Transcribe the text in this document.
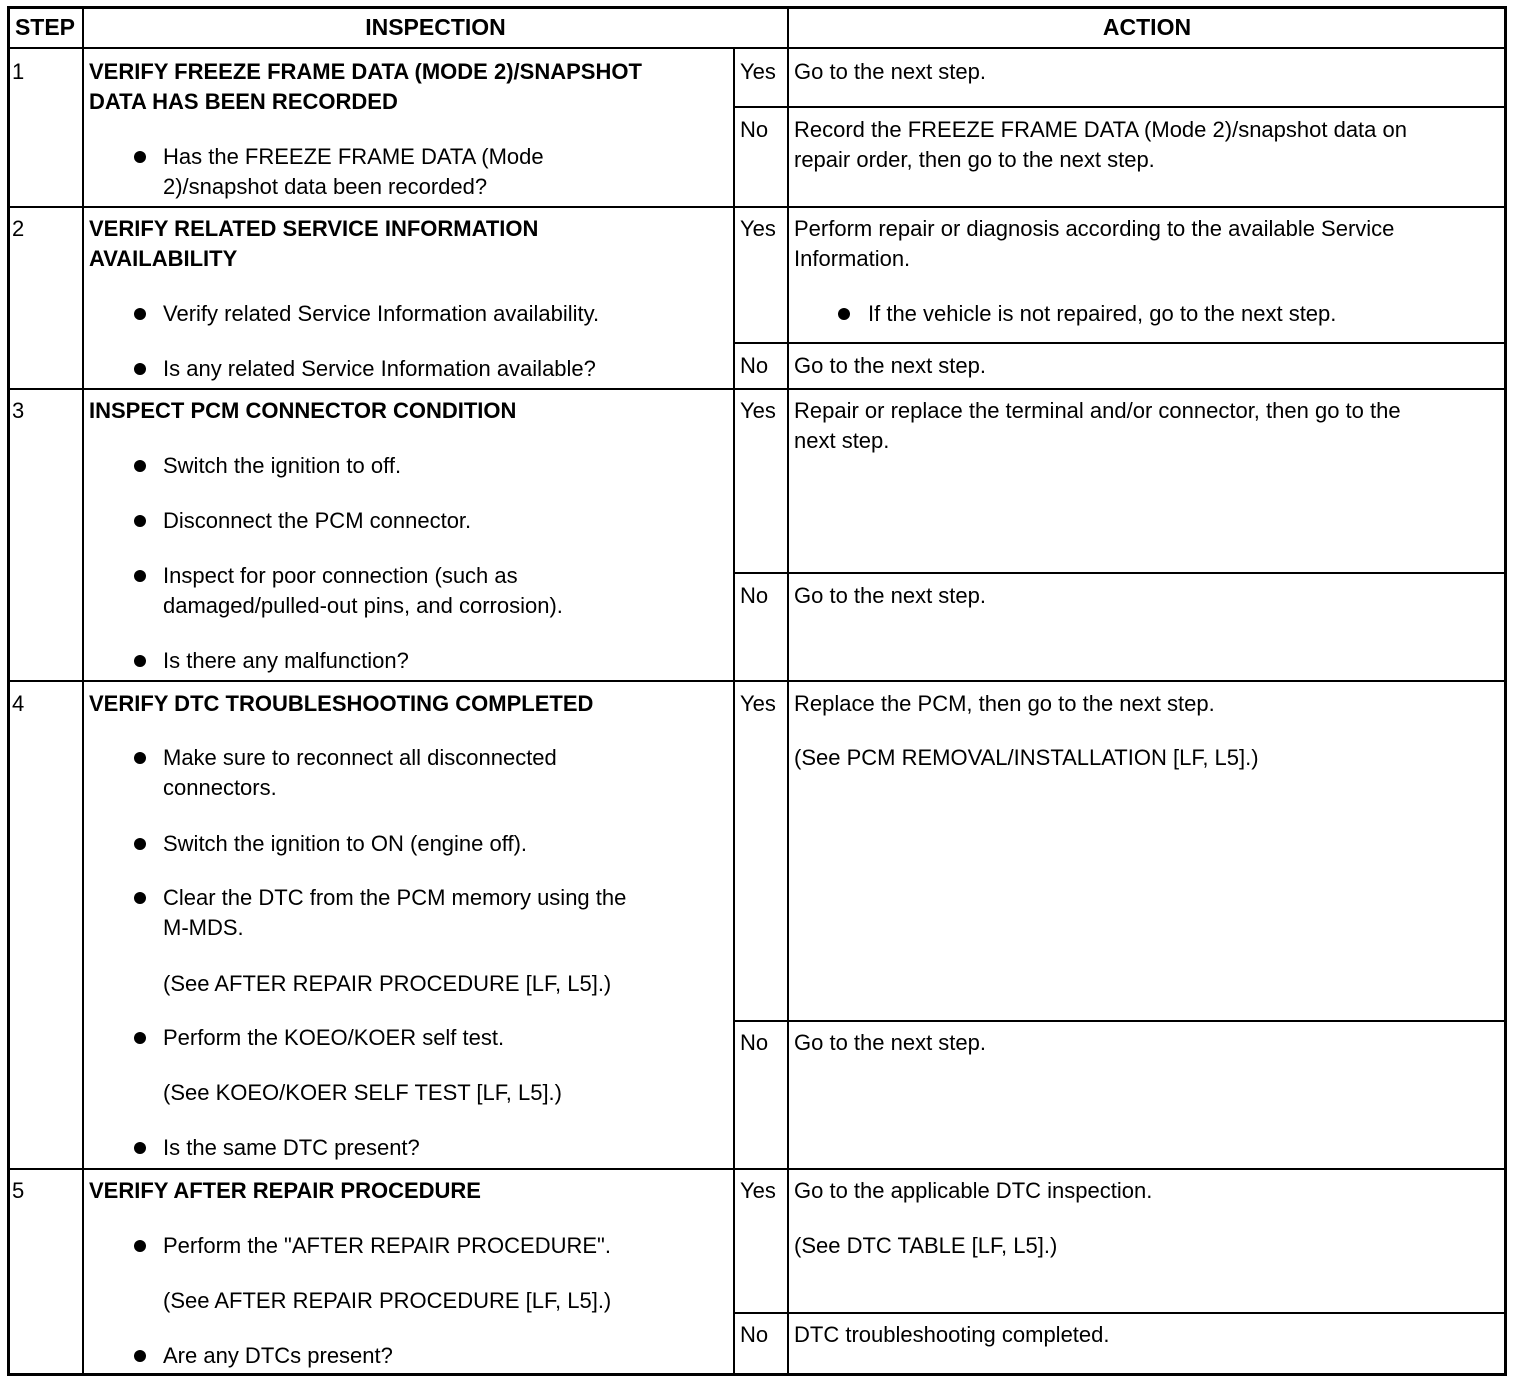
STEP	INSPECTION	ACTION
1	VERIFY FREEZE FRAME DATA (MODE 2)/SNAPSHOT
DATA HAS BEEN RECORDED
Has the FREEZE FRAME DATA (Mode
2)/snapshot data been recorded?
Yes Go to the next step.
No Record the FREEZE FRAME DATA (Mode 2)/snapshot data on
repair order, then go to the next step.
2	VERIFY RELATED SERVICE INFORMATION
AVAILABILITY
Verify related Service Information availability.
Is any related Service Information available?
Yes Perform repair or diagnosis according to the available Service
Information.
If the vehicle is not repaired, go to the next step.
No Go to the next step.
3	INSPECT PCM CONNECTOR CONDITION
Switch the ignition to off.
Disconnect the PCM connector.
Inspect for poor connection (such as
damaged/pulled-out pins, and corrosion).
Is there any malfunction?
Yes Repair or replace the terminal and/or connector, then go to the
next step.
No Go to the next step.
4	VERIFY DTC TROUBLESHOOTING COMPLETED
Make sure to reconnect all disconnected
connectors.
Switch the ignition to ON (engine off).
Clear the DTC from the PCM memory using the
M-MDS.
(See AFTER REPAIR PROCEDURE [LF, L5].)
Perform the KOEO/KOER self test.
(See KOEO/KOER SELF TEST [LF, L5].)
Is the same DTC present?
Yes Replace the PCM, then go to the next step.
(See PCM REMOVAL/INSTALLATION [LF, L5].)
No Go to the next step.
5	VERIFY AFTER REPAIR PROCEDURE
Perform the "AFTER REPAIR PROCEDURE".
(See AFTER REPAIR PROCEDURE [LF, L5].)
Are any DTCs present?
Yes Go to the applicable DTC inspection.
(See DTC TABLE [LF, L5].)
No DTC troubleshooting completed.
